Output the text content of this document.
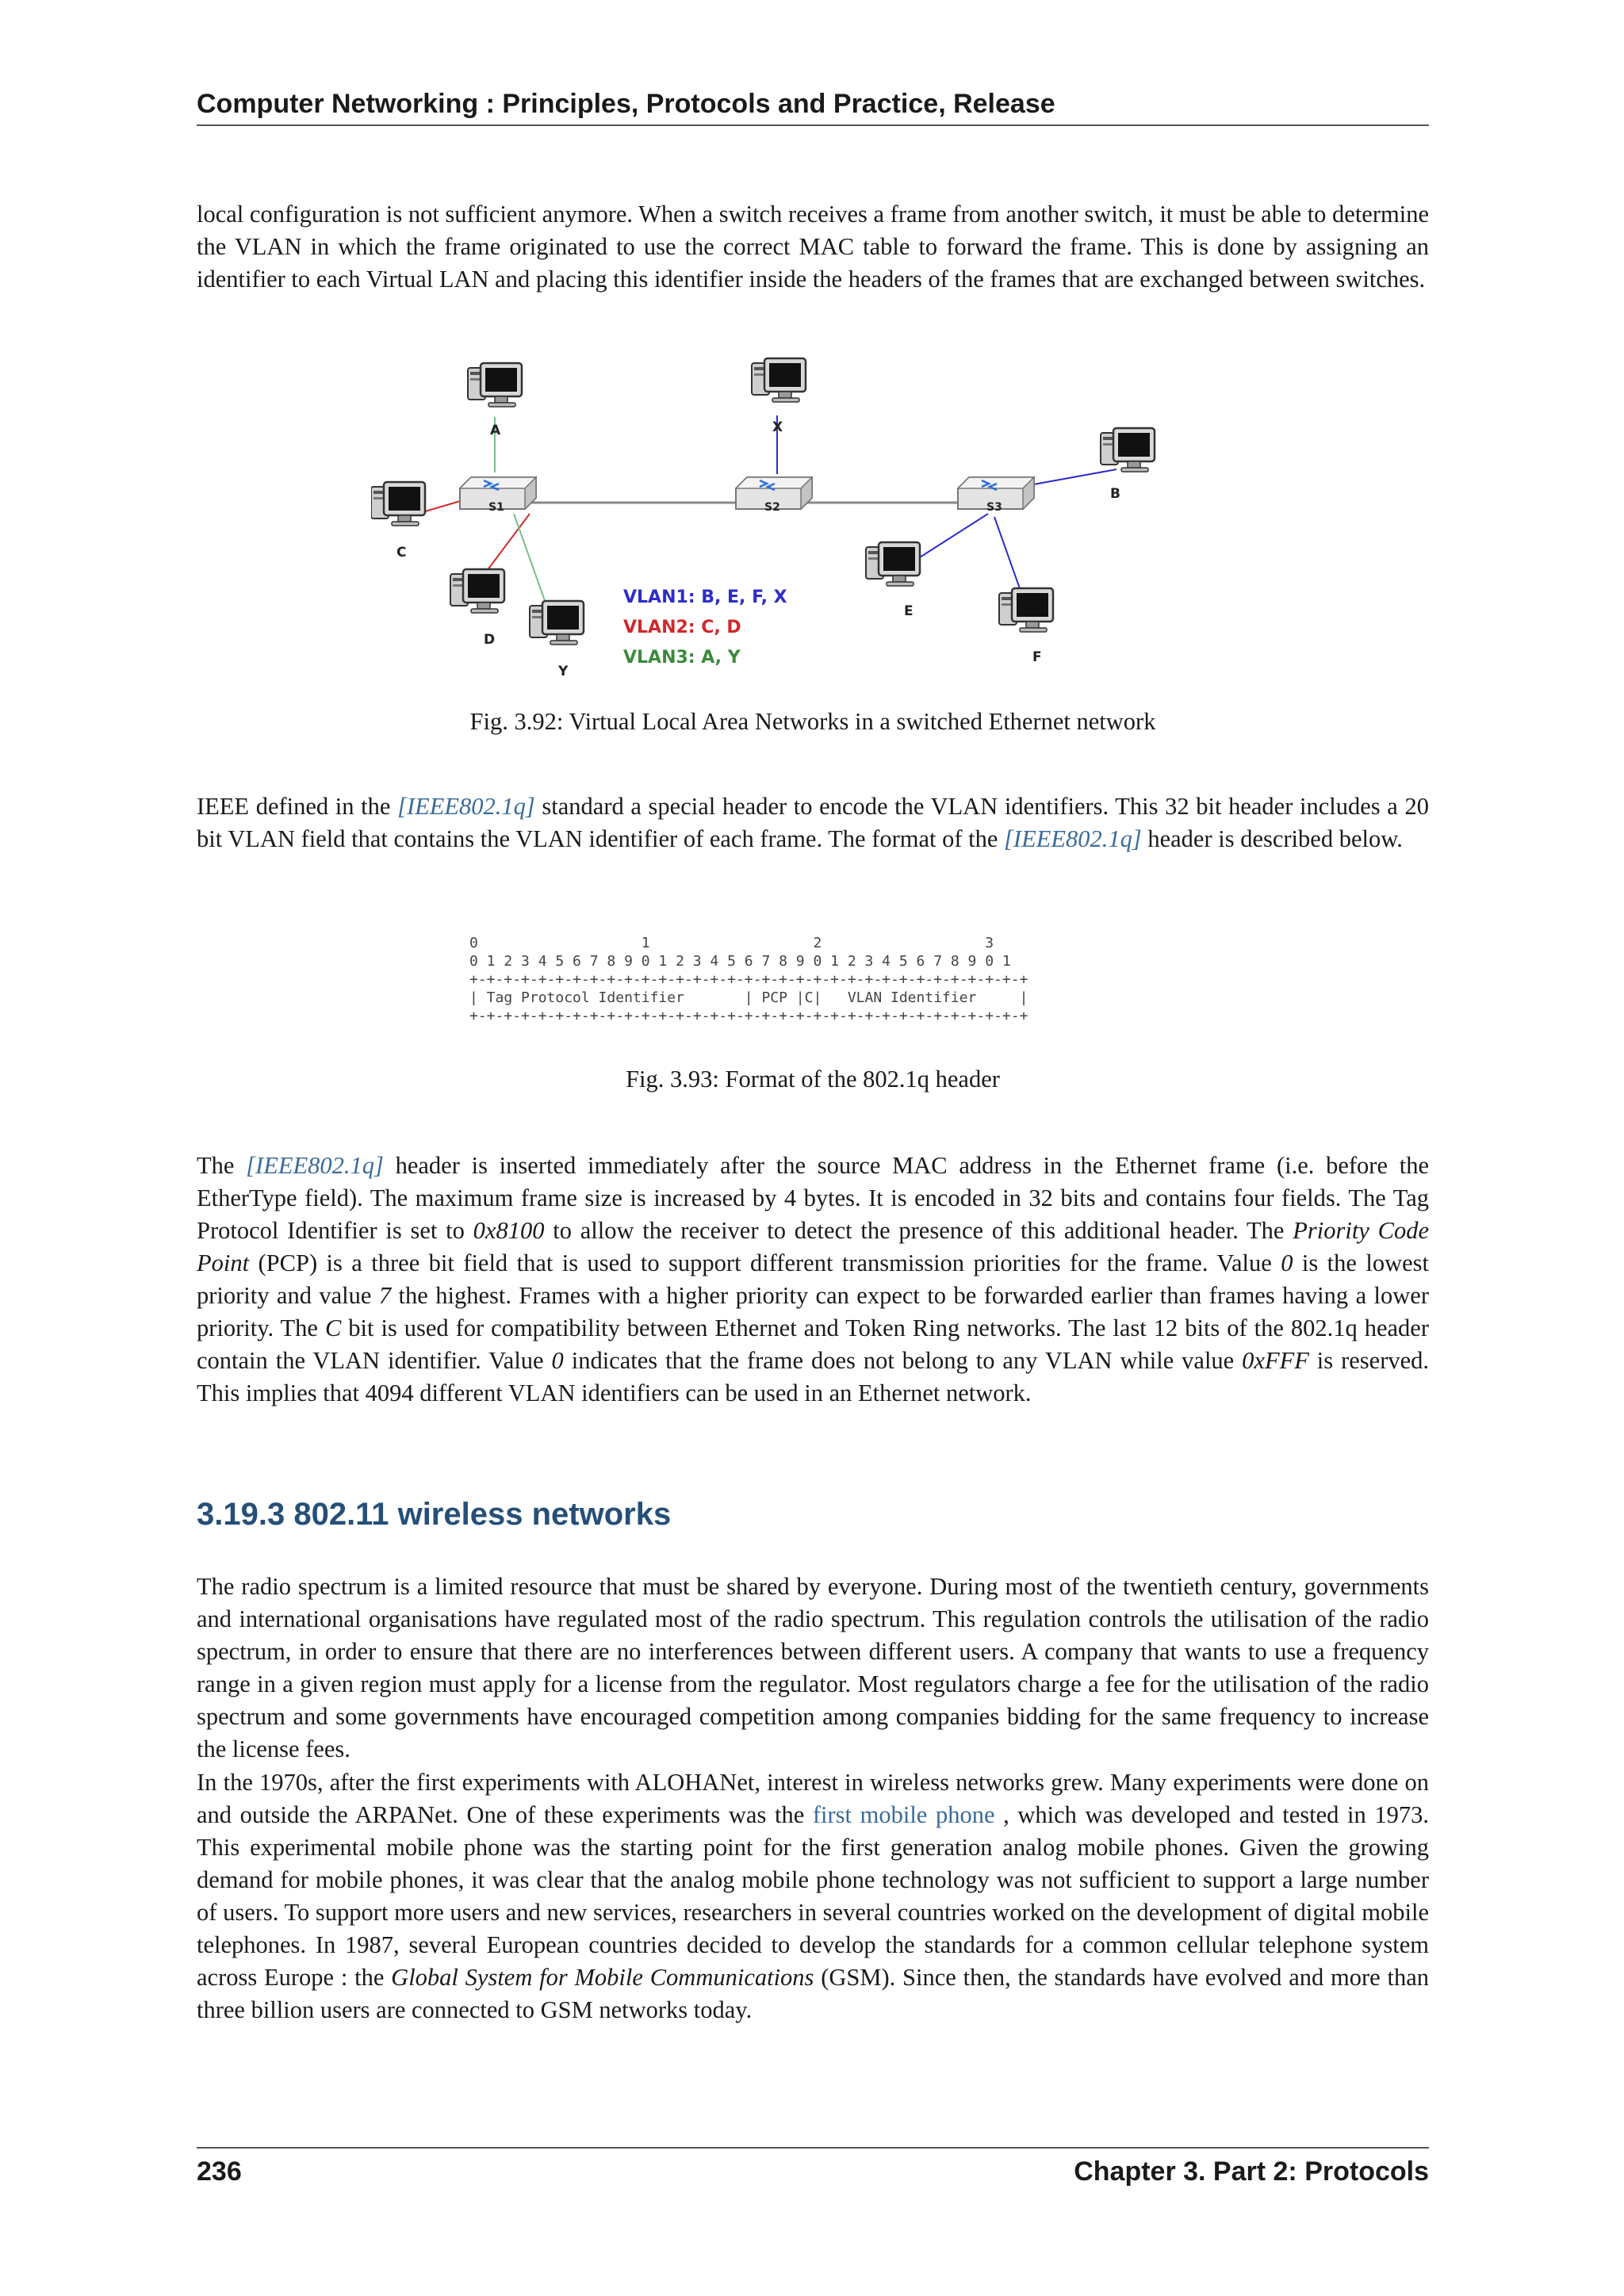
Computer Networking : Principles, Protocols and Practice, Release

local configuration is not sufficient anymore. When a switch receives a frame from another switch, it must be able to determine the VLAN in which the frame originated to use the correct MAC table to forward the frame. This is done by assigning an identifier to each Virtual LAN and placing this identifier inside the headers of the frames that are exchanged between switches.

S1	S2	S3
A	X
B
C
D
Y
E
F
VLAN1: B, E, F, X
VLAN2: C, D
VLAN3: A, Y
Fig. 3.92: Virtual Local Area Networks in a switched Ethernet network

IEEE defined in the [IEEE802.1q] standard a special header to encode the VLAN identifiers. This 32 bit header includes a 20 bit VLAN field that contains the VLAN identifier of each frame. The format of the [IEEE802.1q] header is described below.

0                   1                   2                   3
0 1 2 3 4 5 6 7 8 9 0 1 2 3 4 5 6 7 8 9 0 1 2 3 4 5 6 7 8 9 0 1
+-+-+-+-+-+-+-+-+-+-+-+-+-+-+-+-+-+-+-+-+-+-+-+-+-+-+-+-+-+-+-+-+
| Tag Protocol Identifier       | PCP |C|   VLAN Identifier     |
+-+-+-+-+-+-+-+-+-+-+-+-+-+-+-+-+-+-+-+-+-+-+-+-+-+-+-+-+-+-+-+-+
Fig. 3.93: Format of the 802.1q header

The [IEEE802.1q] header is inserted immediately after the source MAC address in the Ethernet frame (i.e. before the EtherType field). The maximum frame size is increased by 4 bytes. It is encoded in 32 bits and contains four fields. The Tag Protocol Identifier is set to 0x8100 to allow the receiver to detect the presence of this additional header. The Priority Code Point (PCP) is a three bit field that is used to support different transmission priorities for the frame. Value 0 is the lowest priority and value 7 the highest. Frames with a higher priority can expect to be forwarded earlier than frames having a lower priority. The C bit is used for compatibility between Ethernet and Token Ring networks. The last 12 bits of the 802.1q header contain the VLAN identifier. Value 0 indicates that the frame does not belong to any VLAN while value 0xFFF is reserved. This implies that 4094 different VLAN identifiers can be used in an Ethernet network.

3.19.3 802.11 wireless networks

The radio spectrum is a limited resource that must be shared by everyone. During most of the twentieth century, governments and international organisations have regulated most of the radio spectrum. This regulation controls the utilisation of the radio spectrum, in order to ensure that there are no interferences between different users. A company that wants to use a frequency range in a given region must apply for a license from the regulator. Most regulators charge a fee for the utilisation of the radio spectrum and some governments have encouraged competition among companies bidding for the same frequency to increase the license fees.

In the 1970s, after the first experiments with ALOHANet, interest in wireless networks grew. Many experiments were done on and outside the ARPANet. One of these experiments was the first mobile phone , which was developed and tested in 1973. This experimental mobile phone was the starting point for the first generation analog mobile phones. Given the growing demand for mobile phones, it was clear that the analog mobile phone technology was not sufficient to support a large number of users. To support more users and new services, researchers in several countries worked on the development of digital mobile telephones. In 1987, several European countries decided to develop the standards for a common cellular telephone system across Europe : the Global System for Mobile Communications (GSM). Since then, the standards have evolved and more than three billion users are connected to GSM networks today.

236	Chapter 3. Part 2: Protocols
